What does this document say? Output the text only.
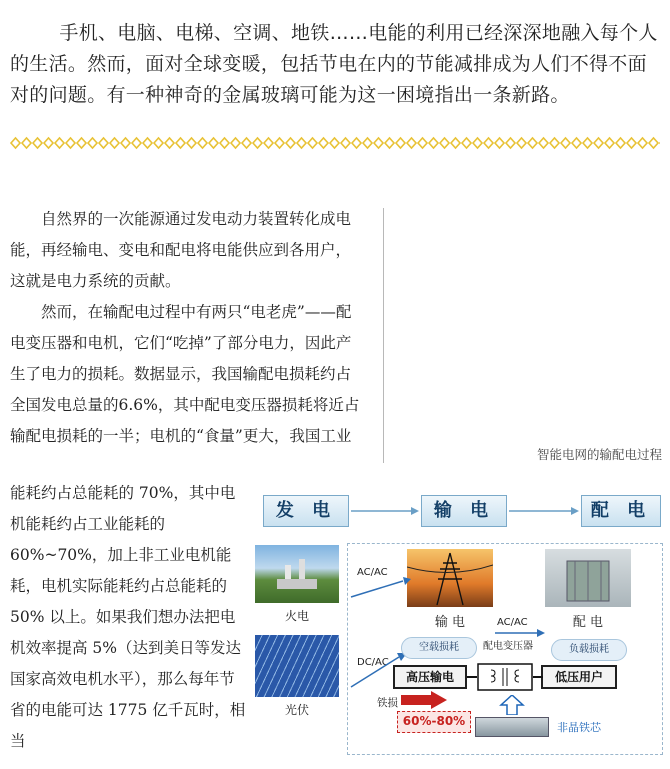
手机、电脑、电梯、空调、地铁……电能的利用已经深深地融入每个人的生活。然而，面对全球变暖，包括节电在内的节能减排成为人们不得不面对的问题。有一种神奇的金属玻璃可能为这一困境指出一条新路。

自然界的一次能源通过发电动力装置转化成电能，再经输电、变电和配电将电能供应到各用户，这就是电力系统的贡献。

然而，在输配电过程中有两只“电老虎”——配电变压器和电机，它们“吃掉”了部分电力，因此产生了电力的损耗。数据显示，我国输配电损耗约占全国发电总量的6.6%，其中配电变压器损耗将近占输配电损耗的一半；电机的“食量”更大，我国工业

能耗约占总能耗的 70%，其中电机能耗约占工业能耗的60%~70%，加上非工业电机能耗，电机实际能耗约占总能耗的 50% 以上。如果我们想办法把电机效率提高 5%（达到美日等发达国家高效电机水平），那么每年节省的电能可达 1775 亿千瓦时，相当
智能电网的输配电过程
发 电	输 电	配 电
火电
光伏
输 电	配 电
AC/AC
DC/AC
AC/AC
配电变压器
空载损耗	负载损耗
高压输电	低压用户
铁损
60%-80%	非晶铁芯
